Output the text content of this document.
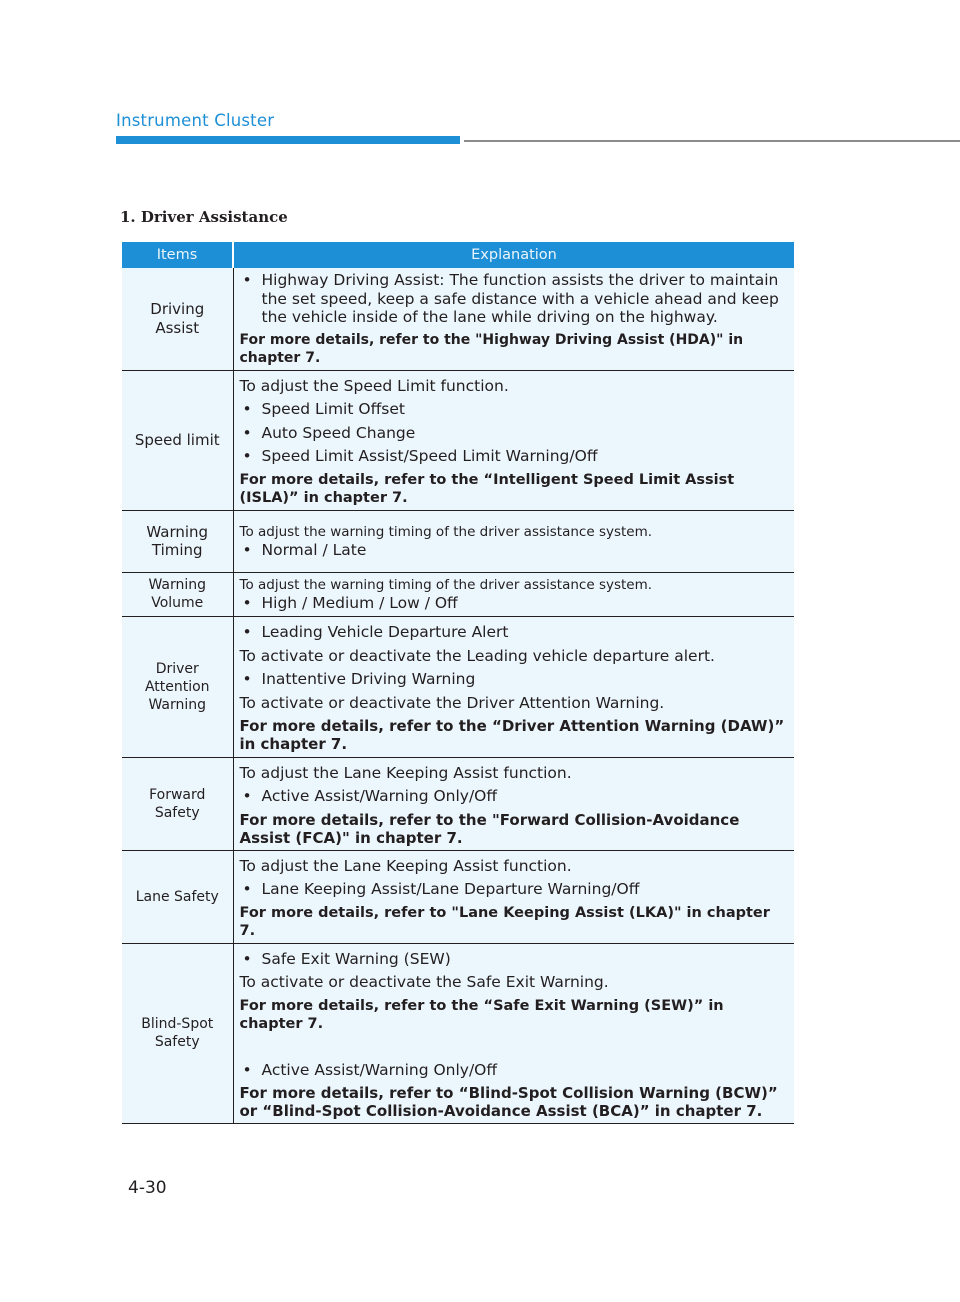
Instrument Cluster
1. Driver Assistance
Items	Explanation
Driving Assist	• Highway Driving Assist: The function assists the driver to maintain the set speed, keep a safe distance with a vehicle ahead and keep the vehicle inside of the lane while driving on the highway.
For more details, refer to the "Highway Driving Assist (HDA)" in chapter 7.

Speed limit	To adjust the Speed Limit function.
• Speed Limit Offset
• Auto Speed Change
• Speed Limit Assist/Speed Limit Warning/Off
For more details, refer to the “Intelligent Speed Limit Assist (ISLA)” in chapter 7.

Warning Timing	To adjust the warning timing of the driver assistance system.
• Normal / Late

Warning Volume	To adjust the warning timing of the driver assistance system.
• High / Medium / Low / Off

Driver Attention Warning	• Leading Vehicle Departure Alert
To activate or deactivate the Leading vehicle departure alert.
• Inattentive Driving Warning
To activate or deactivate the Driver Attention Warning.
For more details, refer to the “Driver Attention Warning (DAW)” in chapter 7.

Forward Safety	To adjust the Lane Keeping Assist function.
• Active Assist/Warning Only/Off
For more details, refer to the "Forward Collision-Avoidance Assist (FCA)" in chapter 7.

Lane Safety	To adjust the Lane Keeping Assist function.
• Lane Keeping Assist/Lane Departure Warning/Off
For more details, refer to "Lane Keeping Assist (LKA)" in chapter 7.

Blind-Spot Safety	• Safe Exit Warning (SEW)
To activate or deactivate the Safe Exit Warning.
For more details, refer to the “Safe Exit Warning (SEW)” in chapter 7.
• Active Assist/Warning Only/Off
For more details, refer to “Blind-Spot Collision Warning (BCW)” or “Blind-Spot Collision-Avoidance Assist (BCA)” in chapter 7.
4-30
